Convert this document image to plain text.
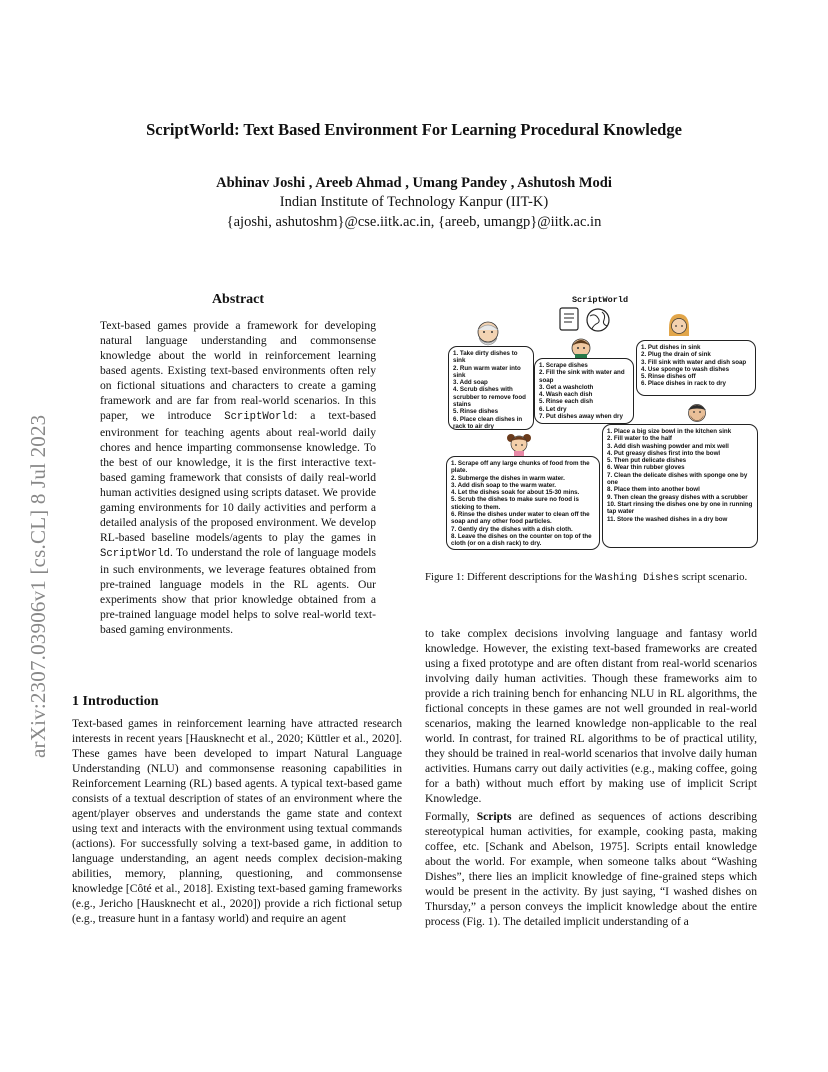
ScriptWorld: Text Based Environment For Learning Procedural Knowledge
Abhinav Joshi , Areeb Ahmad , Umang Pandey , Ashutosh Modi
Indian Institute of Technology Kanpur (IIT-K)
{ajoshi, ashutoshm}@cse.iitk.ac.in, {areeb, umangp}@iitk.ac.in
arXiv:2307.03906v1 [cs.CL] 8 Jul 2023
Abstract
Text-based games provide a framework for developing natural language understanding and commonsense knowledge about the world in reinforcement learning based agents. Existing text-based environments often rely on fictional situations and characters to create a gaming framework and are far from real-world scenarios. In this paper, we introduce ScriptWorld: a text-based environment for teaching agents about real-world daily chores and hence imparting commonsense knowledge. To the best of our knowledge, it is the first interactive text-based gaming framework that consists of daily real-world human activities designed using scripts dataset. We provide gaming environments for 10 daily activities and perform a detailed analysis of the proposed environment. We develop RL-based baseline models/agents to play the games in ScriptWorld. To understand the role of language models in such environments, we leverage features obtained from pre-trained language models in the RL agents. Our experiments show that prior knowledge obtained from a pre-trained language model helps to solve real-world text-based gaming environments.
1 Introduction

Text-based games in reinforcement learning have attracted research interests in recent years [Hausknecht et al., 2020; Küttler et al., 2020]. These games have been developed to impart Natural Language Understanding (NLU) and commonsense reasoning capabilities in Reinforcement Learning (RL) based agents. A typical text-based game consists of a textual description of states of an environment where the agent/player observes and understands the game state and context using text and interacts with the environment using textual commands (actions). For successfully solving a text-based game, in addition to language understanding, an agent needs complex decision-making abilities, memory, planning, questioning, and commonsense knowledge [Côté et al., 2018]. Existing text-based gaming frameworks (e.g., Jericho [Hausknecht et al., 2020]) provide a rich fictional setup (e.g., treasure hunt in a fantasy world) and require an agent

ScriptWorld
1. Take dirty dishes to sink
2. Run warm water into sink
3. Add soap
4. Scrub dishes with scrubber to remove food stains
5. Rinse dishes
6. Place clean dishes in rack to air dry
1. Scrape dishes
2. Fill the sink with water and soap
3. Get a washcloth
4. Wash each dish
5. Rinse each dish
6. Let dry
7. Put dishes away when dry
1. Put dishes in sink
2. Plug the drain of sink
3. Fill sink with water and dish soap
4. Use sponge to wash dishes
5. Rinse dishes off
6. Place dishes in rack to dry
1. Scrape off any large chunks of food from the plate.
2. Submerge the dishes in warm water.
3. Add dish soap to the warm water.
4. Let the dishes soak for about 15-30 mins.
5. Scrub the dishes to make sure no food is sticking to them.
6. Rinse the dishes under water to clean off the soap and any other food particles.
7. Gently dry the dishes with a dish cloth.
8. Leave the dishes on the counter on top of the cloth (or on a dish rack) to dry.
1. Place a big size bowl in the kitchen sink
2. Fill water to the half
3. Add dish washing powder and mix well
4. Put greasy dishes first into the bowl
5. Then put delicate dishes
6. Wear thin rubber gloves
7. Clean the delicate dishes with sponge one by one
8. Place them into another bowl
9. Then clean the greasy dishes with a scrubber
10. Start rinsing the dishes one by one in running tap water
11. Store the washed dishes in a dry bow
Figure 1: Different descriptions for the Washing Dishes script scenario.

to take complex decisions involving language and fantasy world knowledge. However, the existing text-based frameworks are created using a fixed prototype and are often distant from real-world scenarios involving daily human activities. Though these frameworks aim to provide a rich training bench for enhancing NLU in RL algorithms, the fictional concepts in these games are not well grounded in real-world scenarios, making the learned knowledge non-applicable to the real world. In contrast, for trained RL algorithms to be of practical utility, they should be trained in real-world scenarios that involve daily human activities. Humans carry out daily activities (e.g., making coffee, going for a bath) without much effort by making use of implicit Script Knowledge.

Formally, Scripts are defined as sequences of actions describing stereotypical human activities, for example, cooking pasta, making coffee, etc. [Schank and Abelson, 1975]. Scripts entail knowledge about the world. For example, when someone talks about “Washing Dishes”, there lies an implicit knowledge of fine-grained steps which would be present in the activity. By just saying, “I washed dishes on Thursday,” a person conveys the implicit knowledge about the entire process (Fig. 1). The detailed implicit understanding of a
